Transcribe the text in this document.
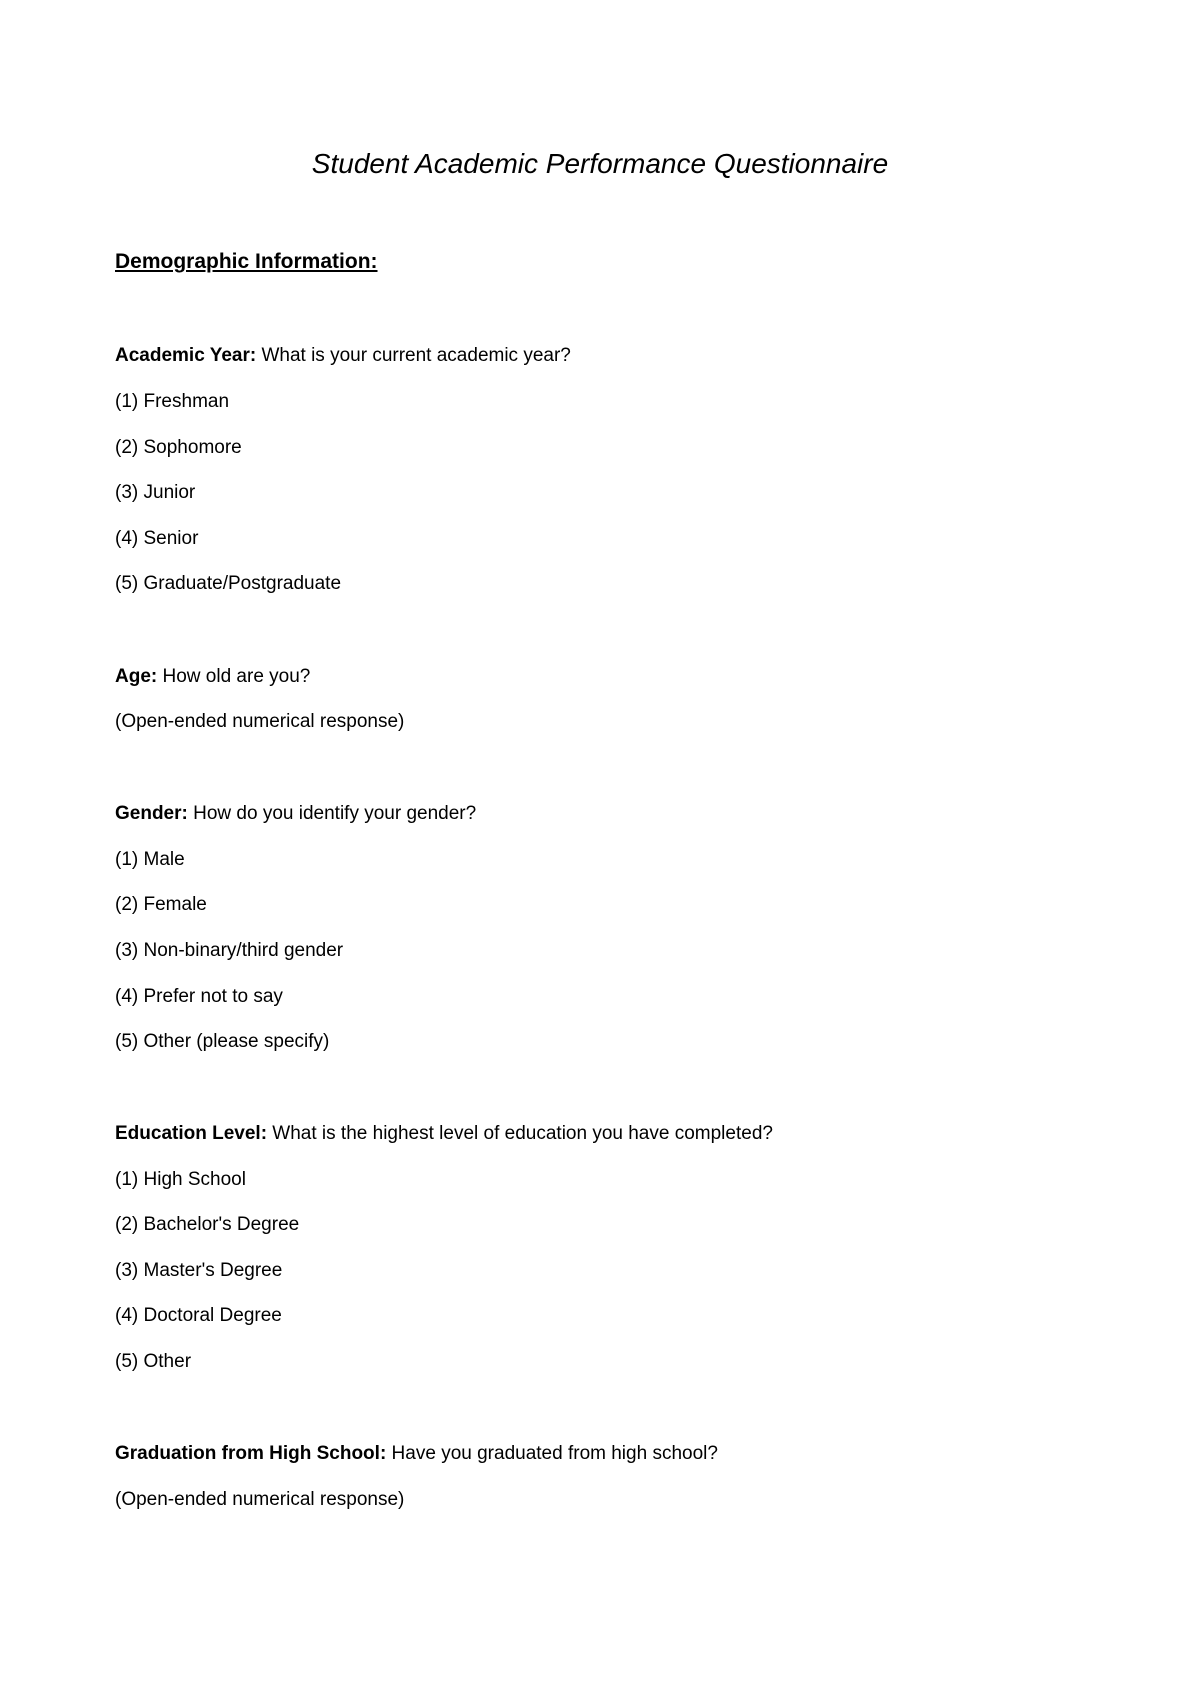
Student Academic Performance Questionnaire
Demographic Information:

Academic Year: What is your current academic year?

(1) Freshman

(2) Sophomore

(3) Junior

(4) Senior

(5) Graduate/Postgraduate

Age: How old are you?

(Open-ended numerical response)

Gender: How do you identify your gender?

(1) Male

(2) Female

(3) Non-binary/third gender

(4) Prefer not to say

(5) Other (please specify)

Education Level: What is the highest level of education you have completed?

(1) High School

(2) Bachelor's Degree

(3) Master's Degree

(4) Doctoral Degree

(5) Other

Graduation from High School: Have you graduated from high school?

(Open-ended numerical response)
